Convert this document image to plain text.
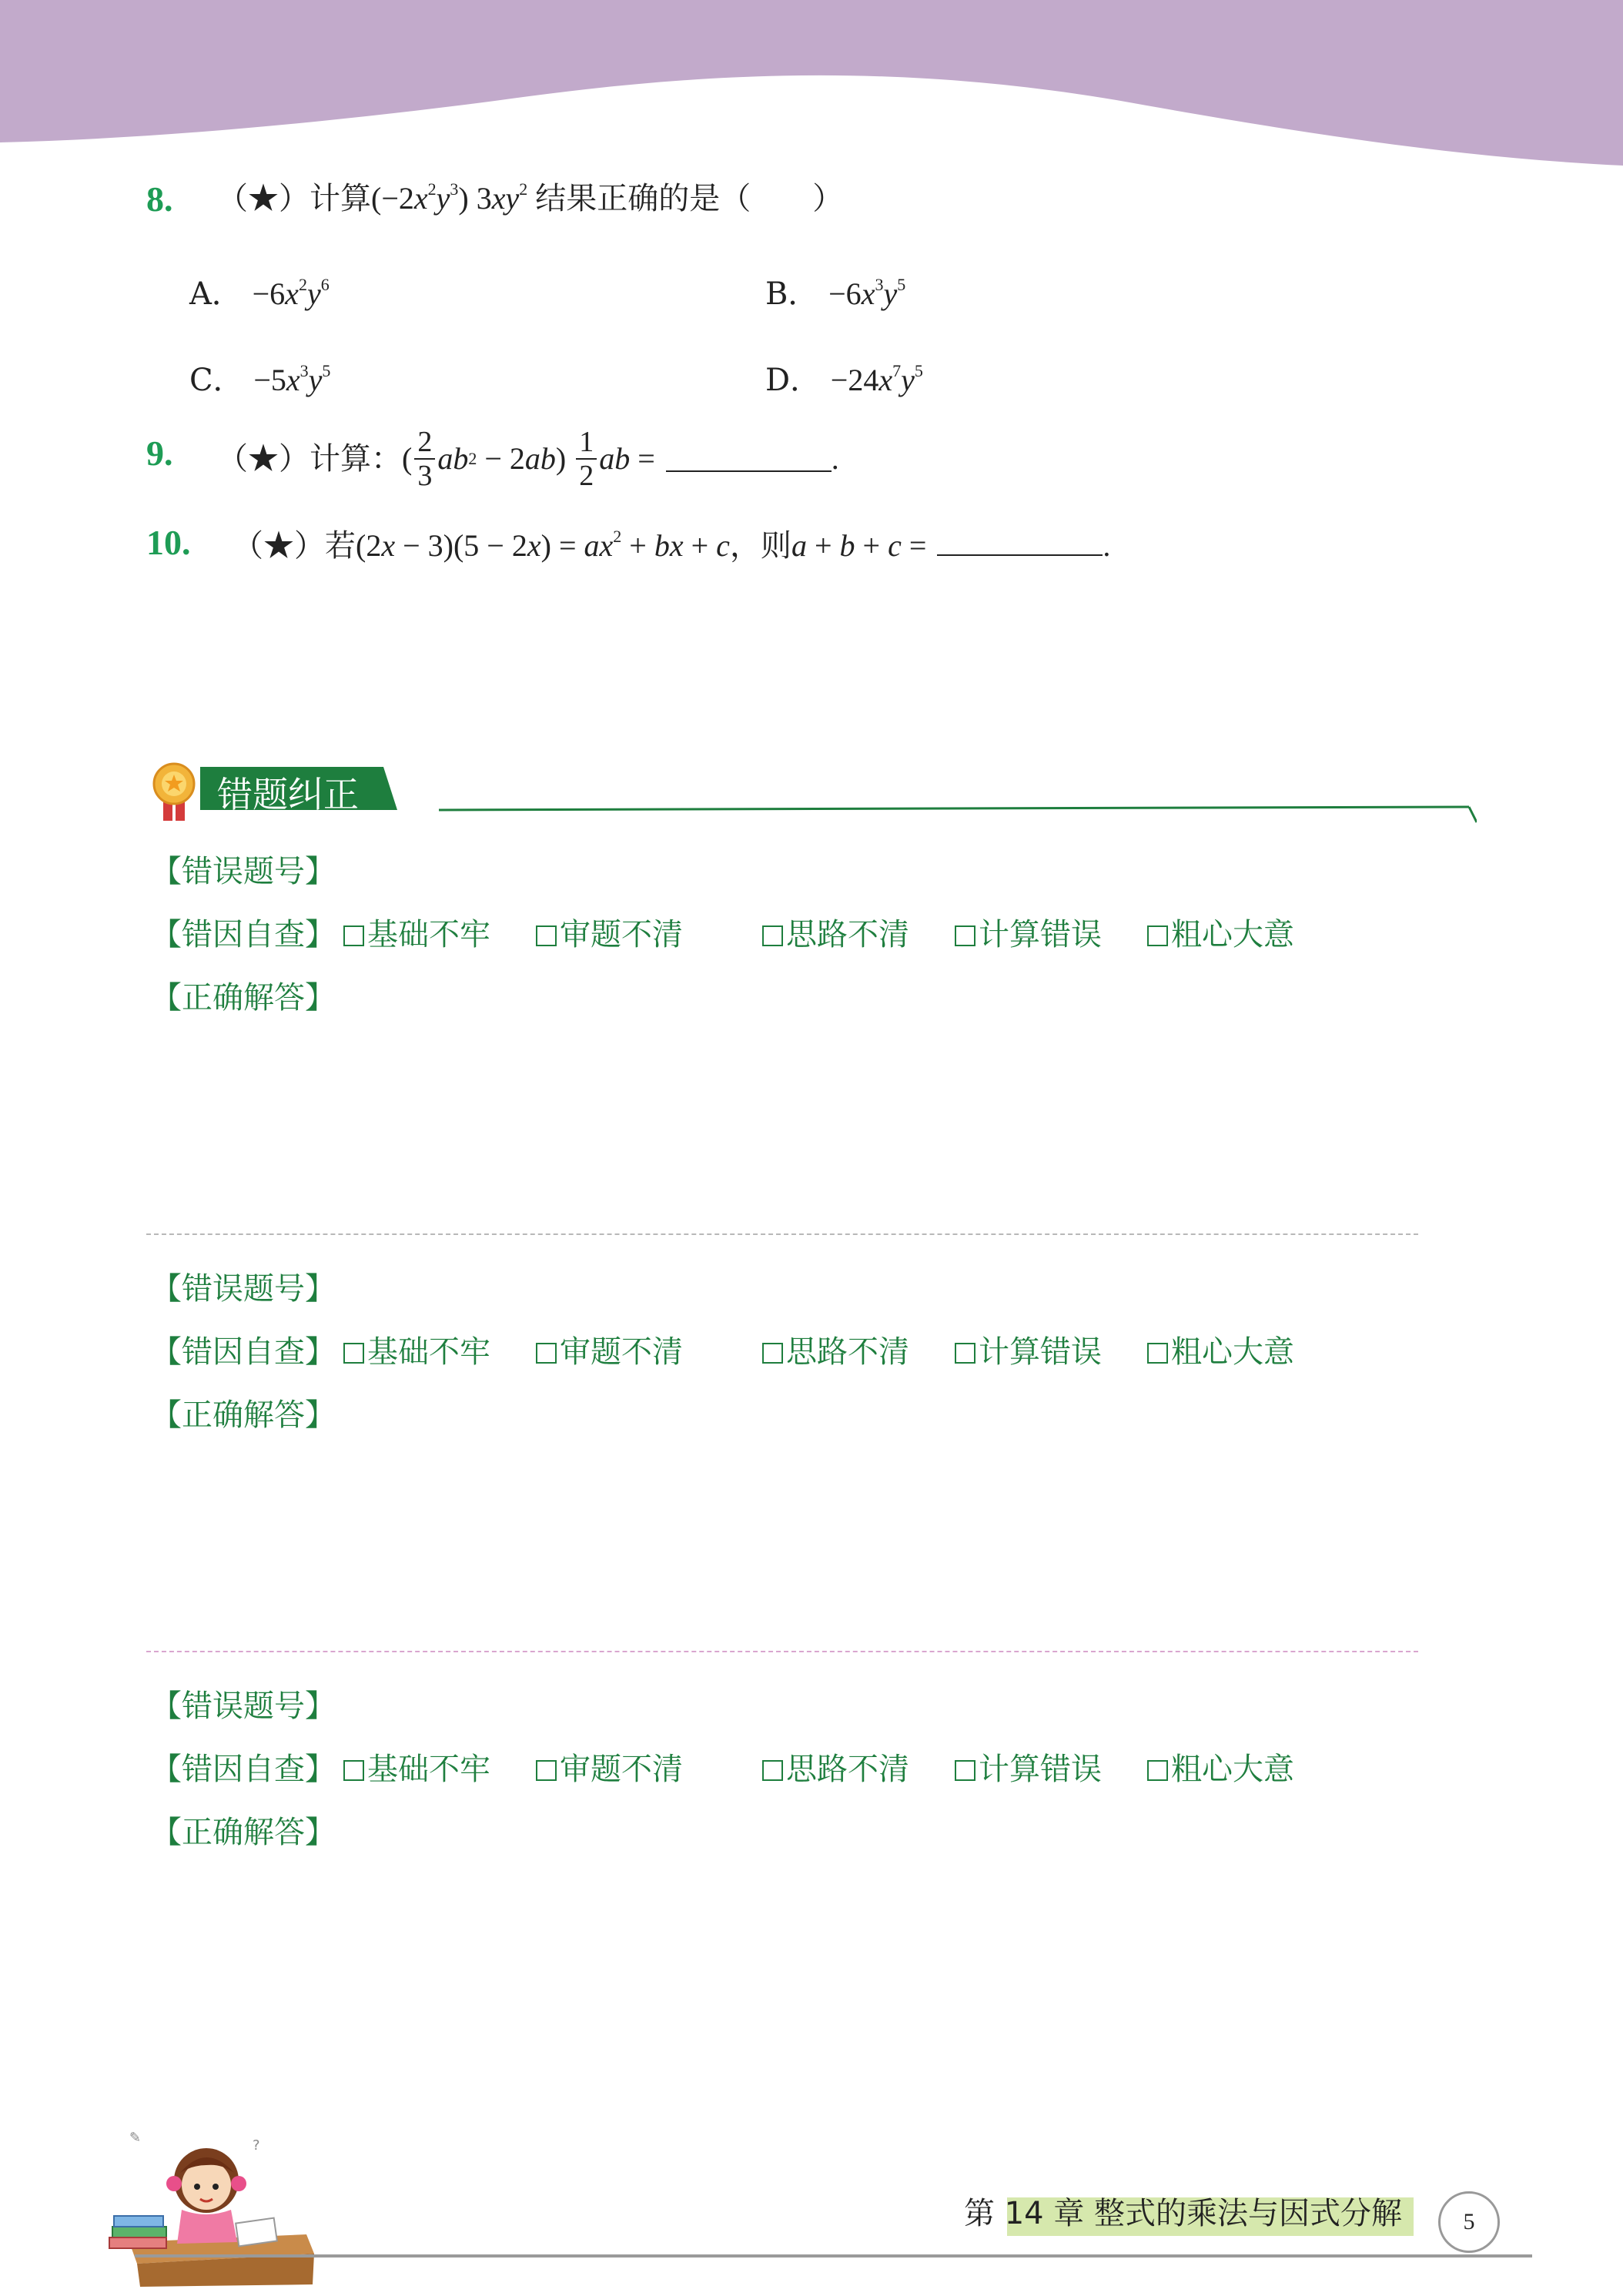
8. （★）计算$(-2x^2y^3)$ $3xy^2$ 结果正确的是（　　）
A． $-6x^2y^6$	B． $-6x^3y^5$
C． $-5x^3y^5$	D． $-24x^7y^5$
9. （★）计算： ( $\frac{2}{3}$ ab 2 − 2 ab ) $\frac{1}{2}$ ab =	.
10. （★）若$(2x - 3)(5 - 2x) = ax^2$ + bx + c，则a + b + c =	.
错题纠正
【错误题号】
【错因自查】	基础不牢	审题不清	思路不清	计算错误	粗心大意
【正确解答】
【错误题号】
【错因自查】	基础不牢	审题不清	思路不清	计算错误	粗心大意
【正确解答】
【错误题号】
【错因自查】	基础不牢	审题不清	思路不清	计算错误	粗心大意
【正确解答】
✎	?
第 14 章 整式的乘法与因式分解	5
